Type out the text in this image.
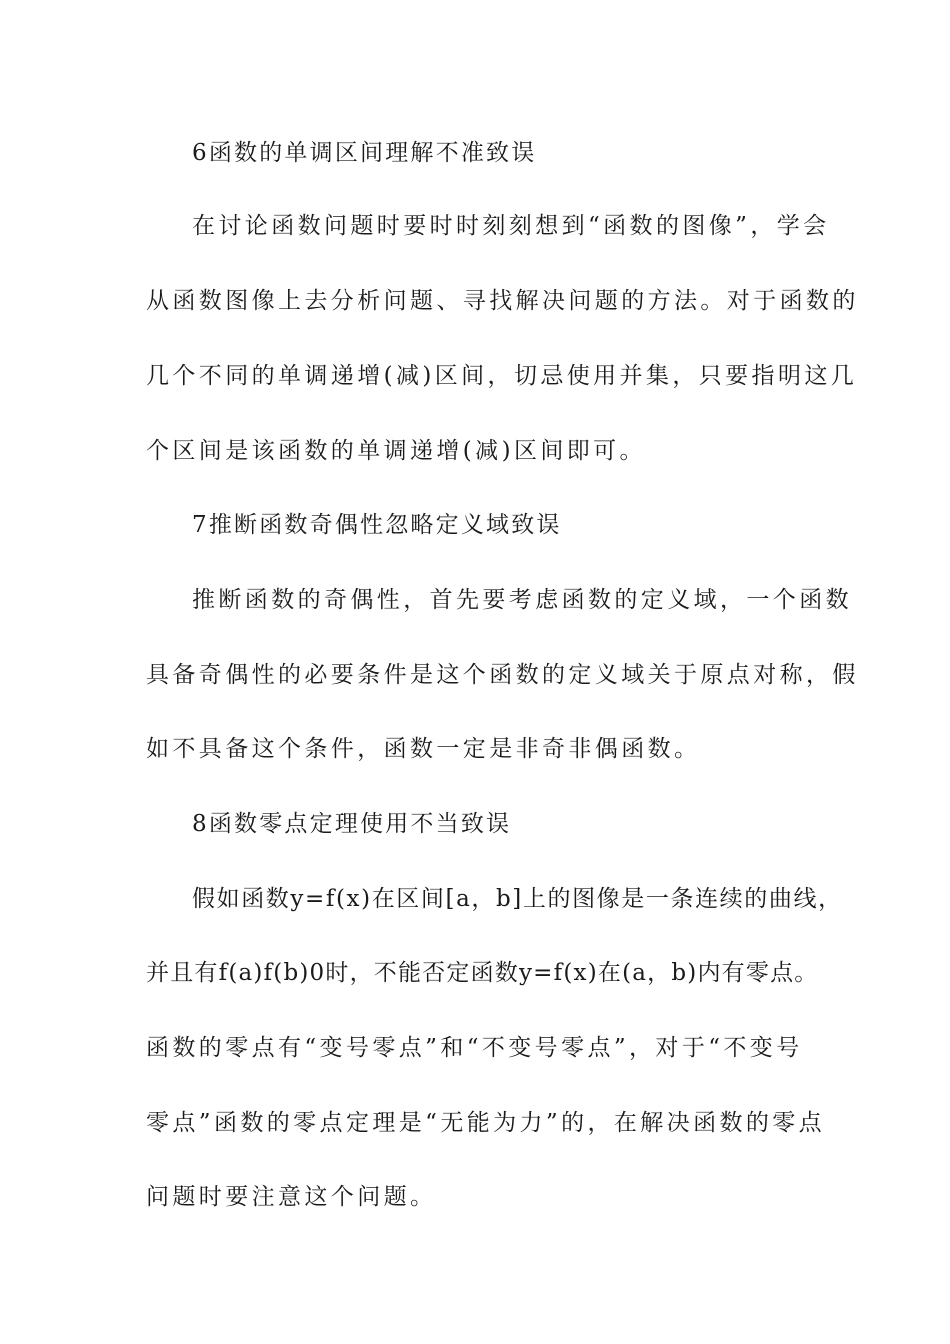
6函数的单调区间理解不准致误
在讨论函数问题时要时时刻刻想到“函数的图像”，学会
从函数图像上去分析问题、寻找解决问题的方法。对于函数的
几个不同的单调递增(减)区间，切忌使用并集，只要指明这几
个区间是该函数的单调递增(减)区间即可。
7推断函数奇偶性忽略定义域致误
推断函数的奇偶性，首先要考虑函数的定义域，一个函数
具备奇偶性的必要条件是这个函数的定义域关于原点对称，假
如不具备这个条件，函数一定是非奇非偶函数。
8函数零点定理使用不当致误
假如函数y=f(x)在区间[a，b]上的图像是一条连续的曲线，
并且有f(a)f(b)0时，不能否定函数y=f(x)在(a，b)内有零点。
函数的零点有“变号零点”和“不变号零点”，对于“不变号
零点”函数的零点定理是“无能为力”的，在解决函数的零点
问题时要注意这个问题。
